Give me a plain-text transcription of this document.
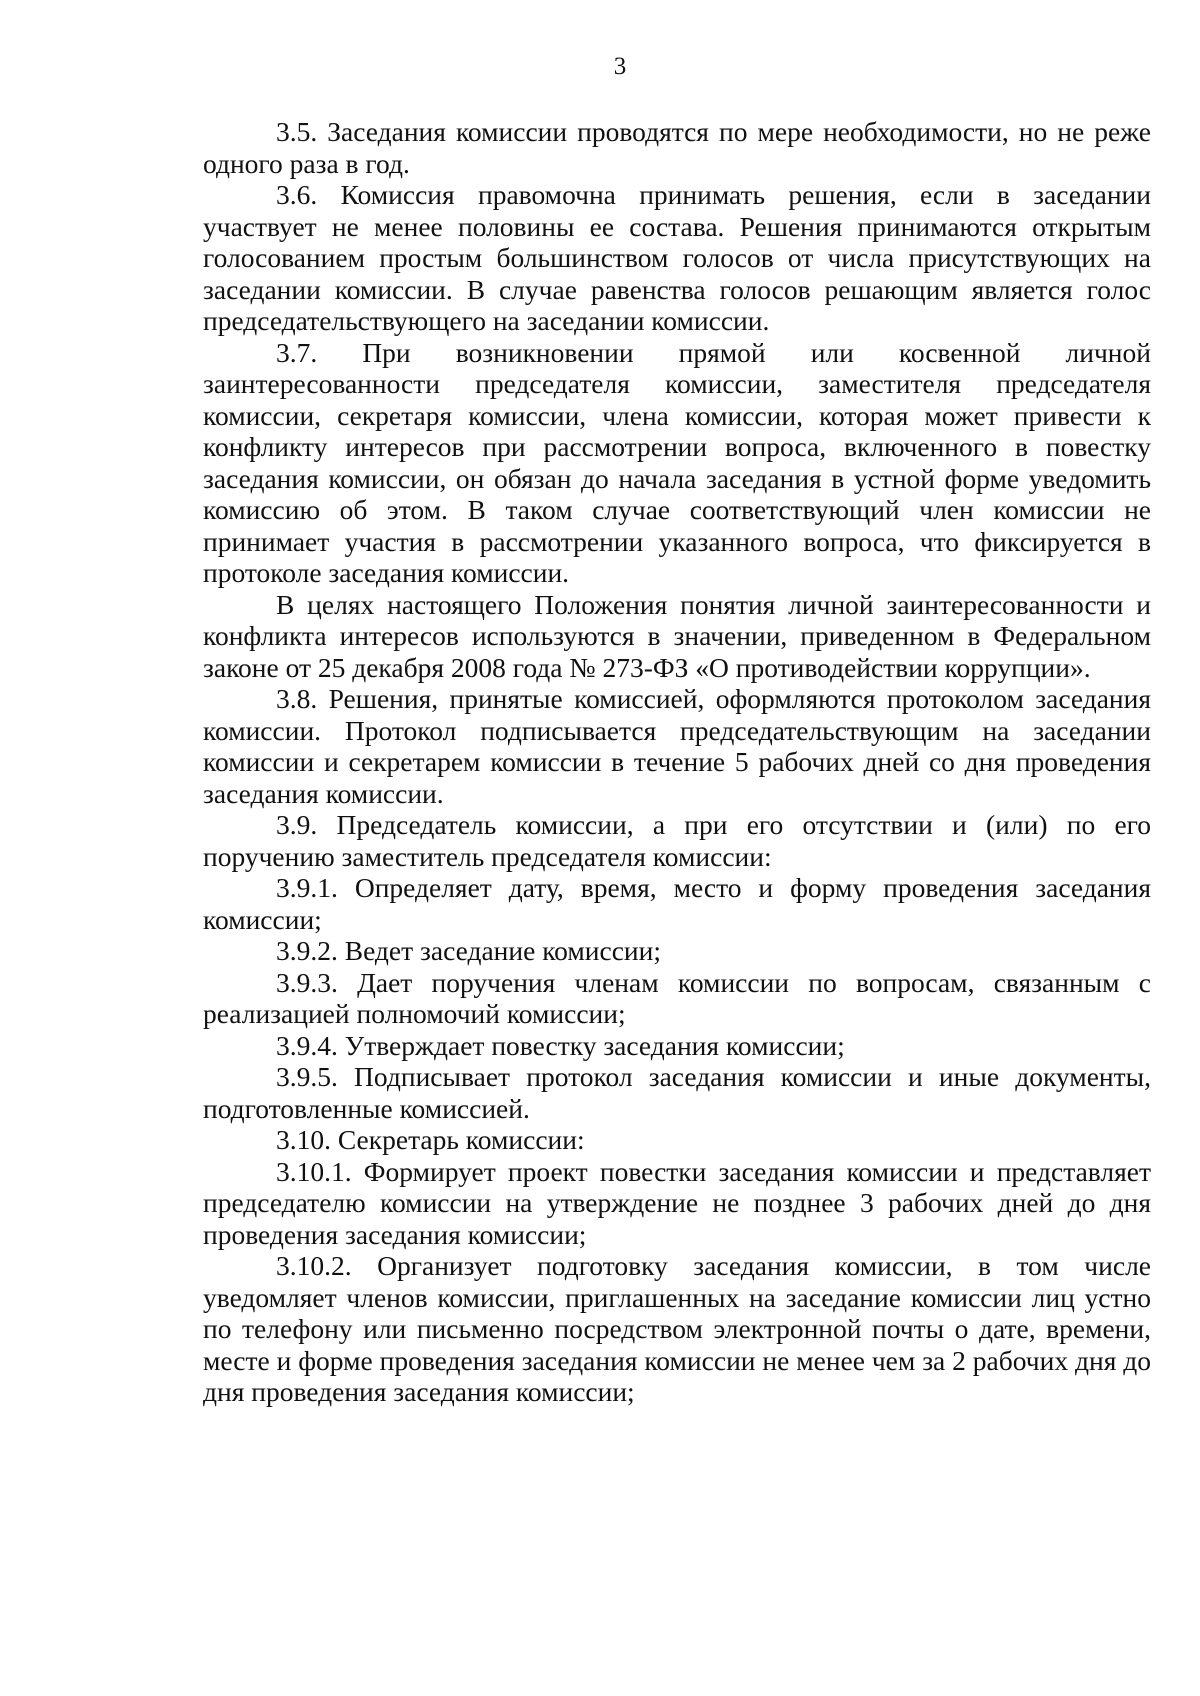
3

3.5. Заседания комиссии проводятся по мере необходимости, но не реже одного раза в год.

3.6. Комиссия правомочна принимать решения, если в заседании участвует не менее половины ее состава. Решения принимаются открытым голосованием простым большинством голосов от числа присутствующих на заседании комиссии. В случае равенства голосов решающим является голос председательствующего на заседании комиссии.

3.7. При возникновении прямой или косвенной личной заинтересованности председателя комиссии, заместителя председателя комиссии, секретаря комиссии, члена комиссии, которая может привести к конфликту интересов при рассмотрении вопроса, включенного в повестку заседания комиссии, он обязан до начала заседания в устной форме уведомить комиссию об этом. В таком случае соответствующий член комиссии не принимает участия в рассмотрении указанного вопроса, что фиксируется в протоколе заседания комиссии.

В целях настоящего Положения понятия личной заинтересованности и конфликта интересов используются в значении, приведенном в Федеральном законе от 25 декабря 2008 года № 273-ФЗ «О противодействии коррупции».

3.8. Решения, принятые комиссией, оформляются протоколом заседания комиссии. Протокол подписывается председательствующим на заседании комиссии и секретарем комиссии в течение 5 рабочих дней со дня проведения заседания комиссии.

3.9. Председатель комиссии, а при его отсутствии и (или) по его поручению заместитель председателя комиссии:

3.9.1. Определяет дату, время, место и форму проведения заседания комиссии;

3.9.2. Ведет заседание комиссии;

3.9.3. Дает поручения членам комиссии по вопросам, связанным с реализацией полномочий комиссии;

3.9.4. Утверждает повестку заседания комиссии;

3.9.5. Подписывает протокол заседания комиссии и иные документы, подготовленные комиссией.

3.10. Секретарь комиссии:

3.10.1. Формирует проект повестки заседания комиссии и представляет председателю комиссии на утверждение не позднее 3 рабочих дней до дня проведения заседания комиссии;

3.10.2. Организует подготовку заседания комиссии, в том числе уведомляет членов комиссии, приглашенных на заседание комиссии лиц устно по телефону или письменно посредством электронной почты о дате, времени, месте и форме проведения заседания комиссии не менее чем за 2 рабочих дня до дня проведения заседания комиссии;
